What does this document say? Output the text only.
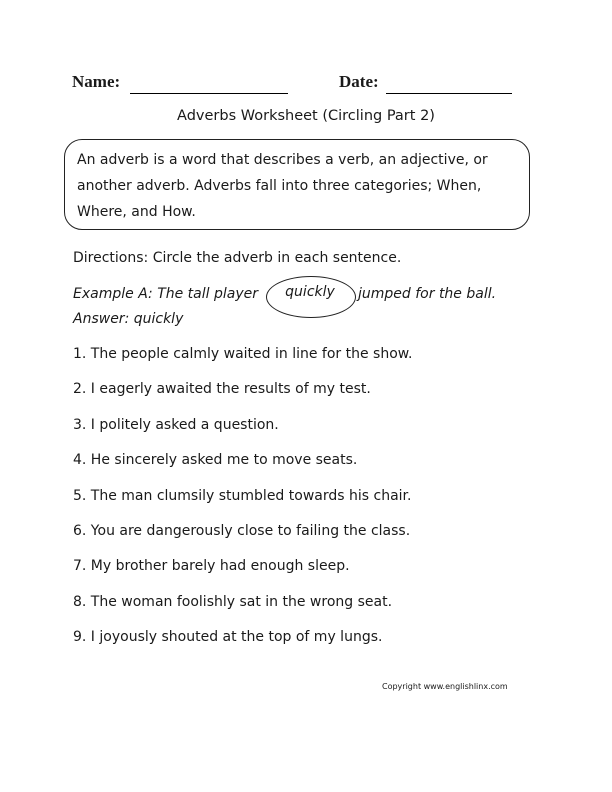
Name:	Date:
Adverbs Worksheet (Circling Part 2)
An adverb is a word that describes a verb, an adjective, or another adverb. Adverbs fall into three categories; When, Where, and How.
Directions: Circle the adverb in each sentence.
Example A: The tall player	jumped for the ball.
quickly
Answer: quickly
1. The people calmly waited in line for the show.
2. I eagerly awaited the results of my test.
3. I politely asked a question.
4. He sincerely asked me to move seats.
5. The man clumsily stumbled towards his chair.
6. You are dangerously close to failing the class.
7. My brother barely had enough sleep.
8. The woman foolishly sat in the wrong seat.
9. I joyously shouted at the top of my lungs.
Copyright www.englishlinx.com
